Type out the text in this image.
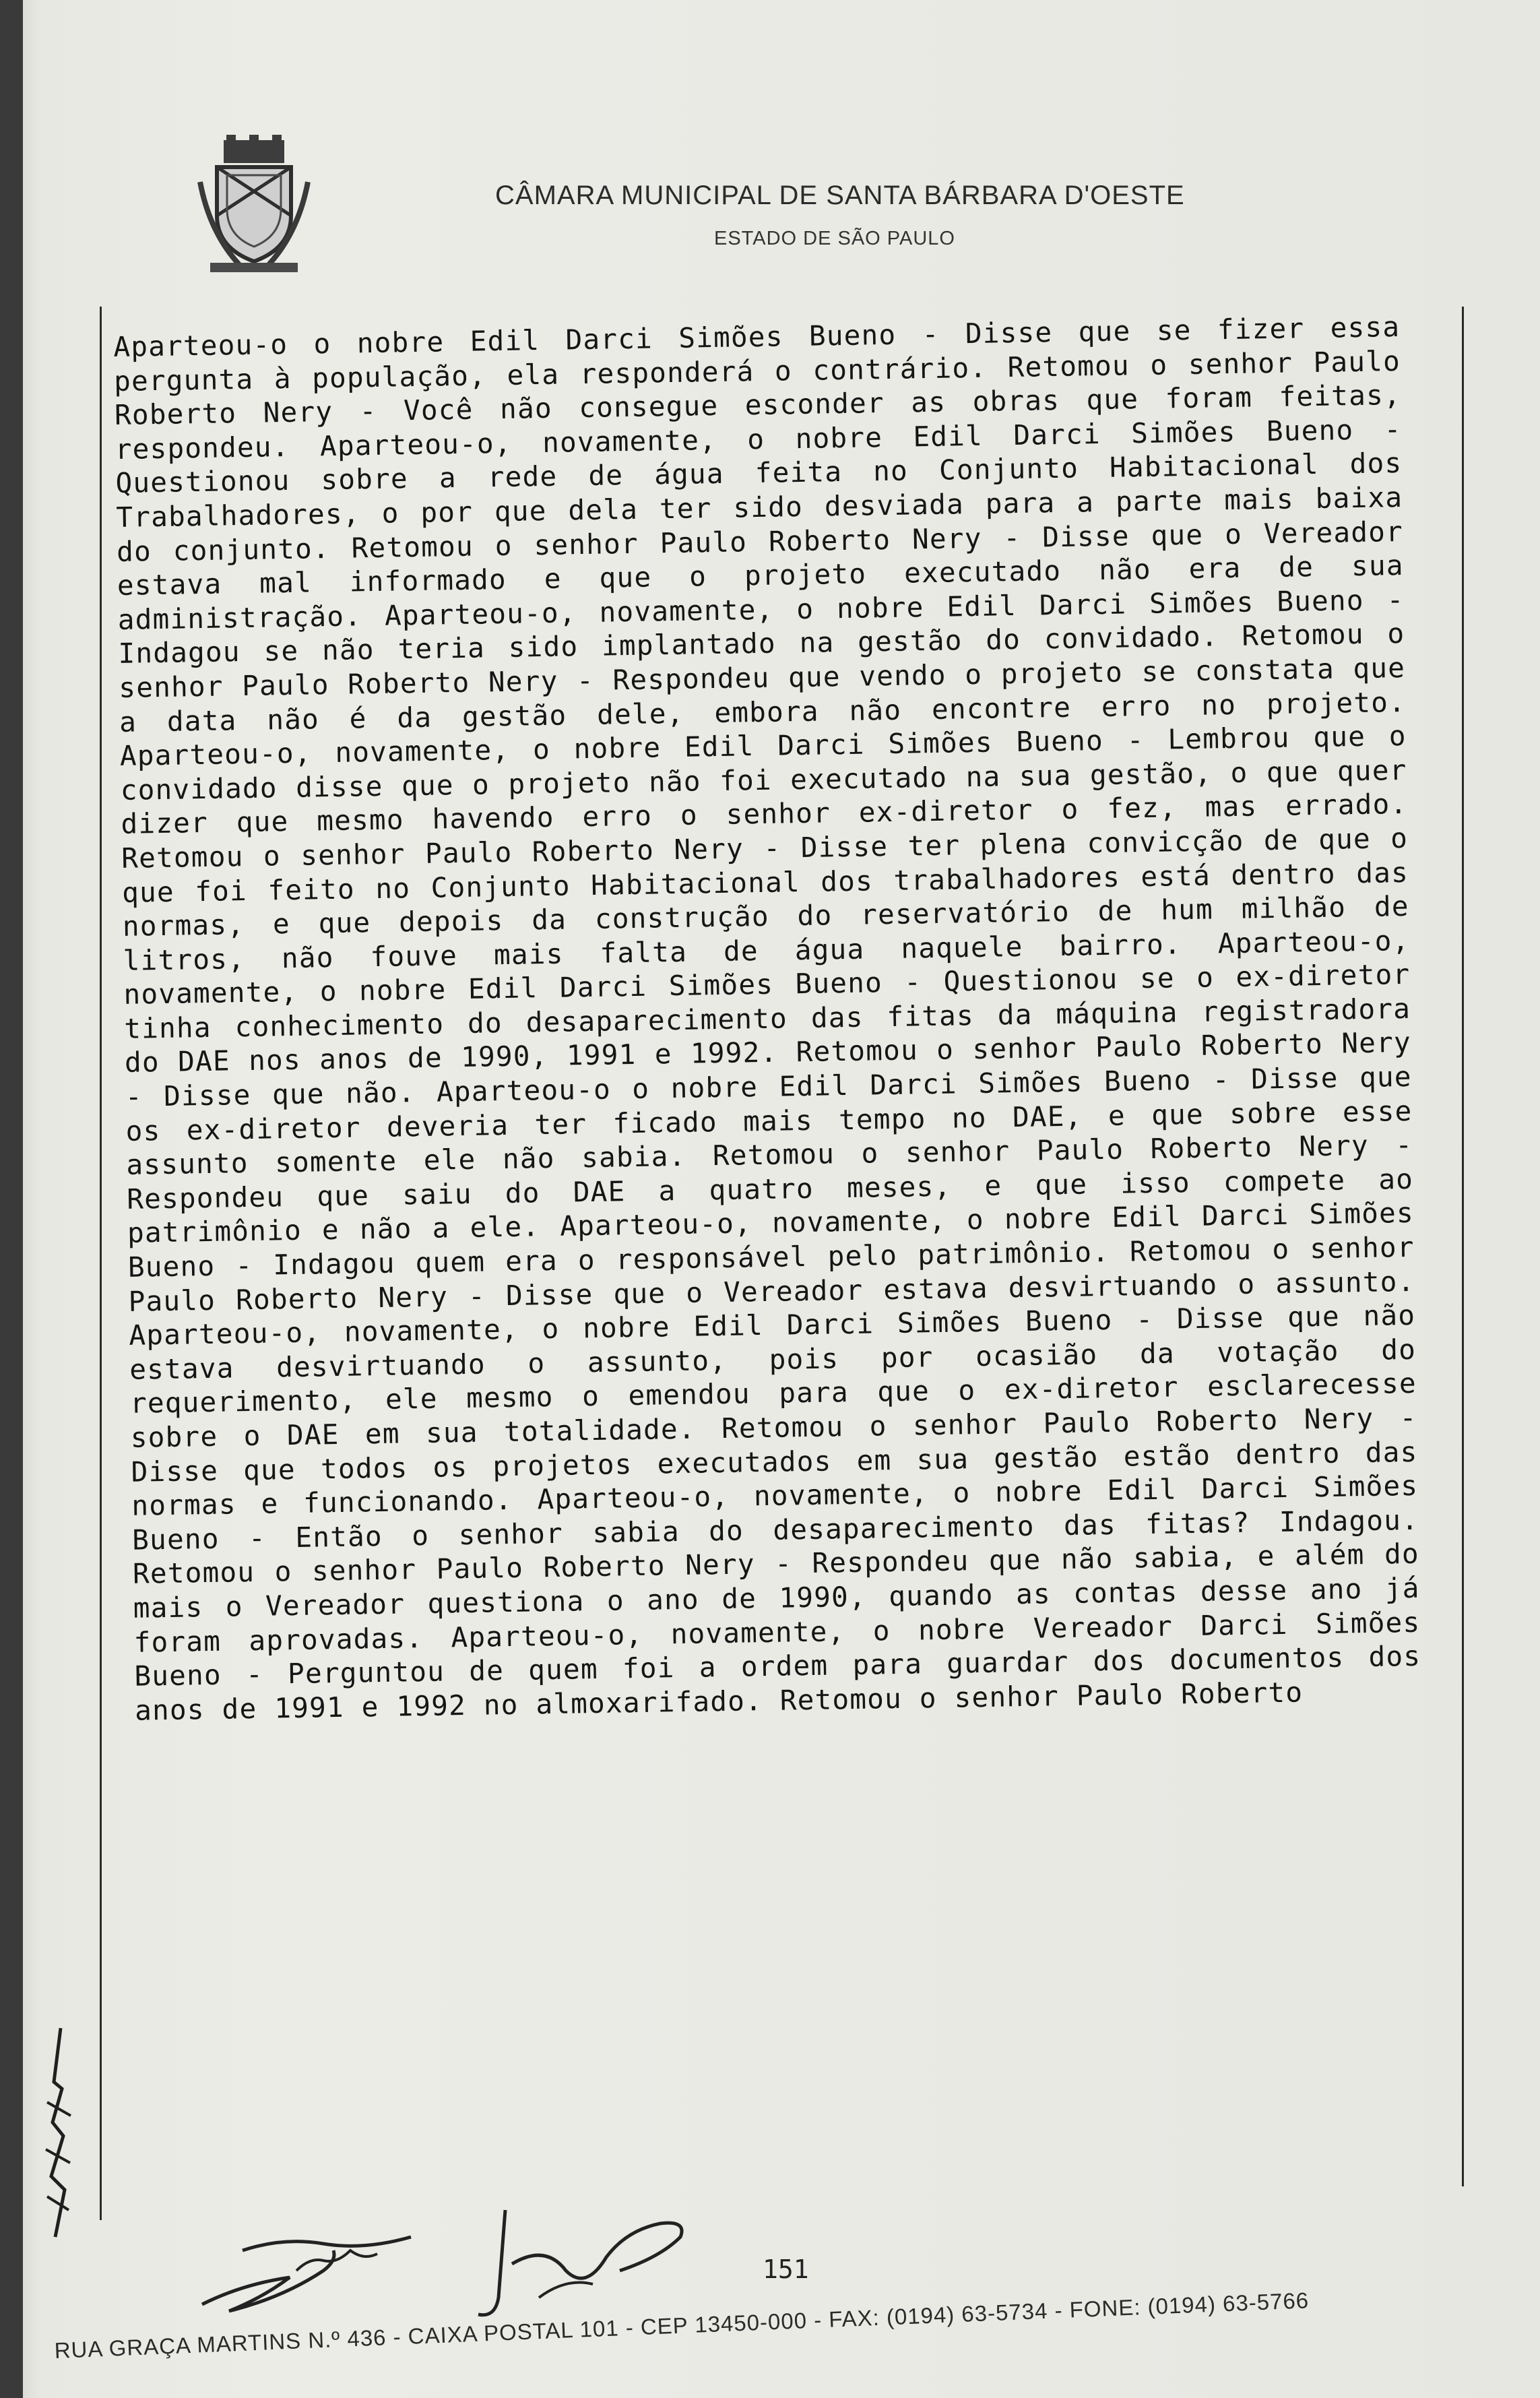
CÂMARA MUNICIPAL DE SANTA BÁRBARA D'OESTE
ESTADO DE SÃO PAULO

Aparteou-o o nobre Edil Darci Simões Bueno - Disse que se fizer essa pergunta à população, ela responderá o contrário. Retomou o senhor Paulo Roberto Nery - Você não consegue esconder as obras que foram feitas, respondeu. Aparteou-o, novamente, o nobre Edil Darci Simões Bueno - Questionou sobre a rede de água feita no Conjunto Habitacional dos Trabalhadores, o por que dela ter sido desviada para a parte mais baixa do conjunto. Retomou o senhor Paulo Roberto Nery - Disse que o Vereador estava mal informado e que o projeto executado não era de sua administração. Aparteou-o, novamente, o nobre Edil Darci Simões Bueno - Indagou se não teria sido implantado na gestão do convidado. Retomou o senhor Paulo Roberto Nery - Respondeu que vendo o projeto se constata que a data não é da gestão dele, embora não encontre erro no projeto. Aparteou-o, novamente, o nobre Edil Darci Simões Bueno - Lembrou que o convidado disse que o projeto não foi executado na sua gestão, o que quer dizer que mesmo havendo erro o senhor ex-diretor o fez, mas errado. Retomou o senhor Paulo Roberto Nery - Disse ter plena convicção de que o que foi feito no Conjunto Habitacional dos trabalhadores está dentro das normas, e que depois da construção do reservatório de hum milhão de litros, não fouve mais falta de água naquele bairro. Aparteou-o, novamente, o nobre Edil Darci Simões Bueno - Questionou se o ex-diretor tinha conhecimento do desaparecimento das fitas da máquina registradora do DAE nos anos de 1990, 1991 e 1992. Retomou o senhor Paulo Roberto Nery - Disse que não. Aparteou-o o nobre Edil Darci Simões Bueno - Disse que os ex-diretor deveria ter ficado mais tempo no DAE, e que sobre esse assunto somente ele não sabia. Retomou o senhor Paulo Roberto Nery - Respondeu que saiu do DAE a quatro meses, e que isso compete ao patrimônio e não a ele. Aparteou-o, novamente, o nobre Edil Darci Simões Bueno - Indagou quem era o responsável pelo patrimônio. Retomou o senhor Paulo Roberto Nery - Disse que o Vereador estava desvirtuando o assunto. Aparteou-o, novamente, o nobre Edil Darci Simões Bueno - Disse que não estava desvirtuando o assunto, pois por ocasião da votação do requerimento, ele mesmo o emendou para que o ex-diretor esclarecesse sobre o DAE em sua totalidade. Retomou o senhor Paulo Roberto Nery - Disse que todos os projetos executados em sua gestão estão dentro das normas e funcionando. Aparteou-o, novamente, o nobre Edil Darci Simões Bueno - Então o senhor sabia do desaparecimento das fitas? Indagou. Retomou o senhor Paulo Roberto Nery - Respondeu que não sabia, e além do mais o Vereador questiona o ano de 1990, quando as contas desse ano já foram aprovadas. Aparteou-o, novamente, o nobre Vereador Darci Simões Bueno - Perguntou de quem foi a ordem para guardar dos documentos dos anos de 1991 e 1992 no almoxarifado. Retomou o senhor Paulo Roberto

151
RUA GRAÇA MARTINS N.º 436 - CAIXA POSTAL 101 - CEP 13450-000 - FAX: (0194) 63-5734 - FONE: (0194) 63-5766
